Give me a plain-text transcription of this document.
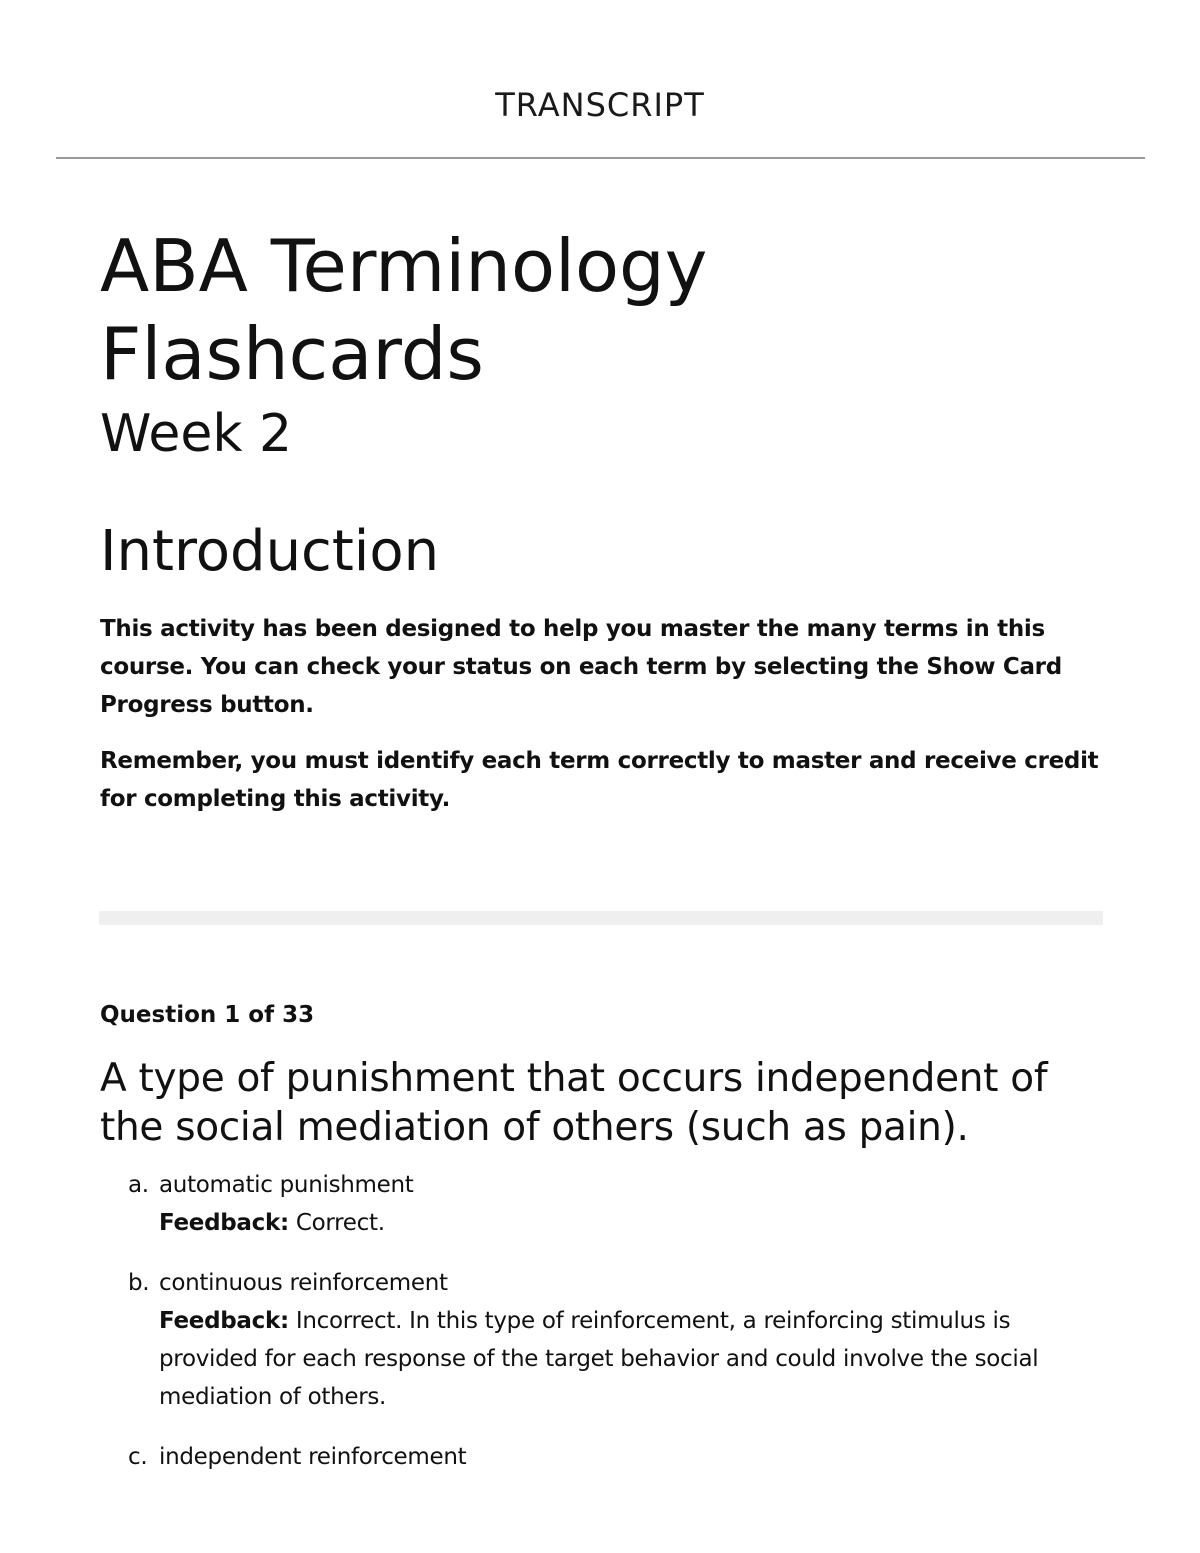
TRANSCRIPT
ABA Terminology
Flashcards
Week 2
Introduction

This activity has been designed to help you master the many terms in this course. You can check your status on each term by selecting the Show Card Progress button.

Remember, you must identify each term correctly to master and receive credit for completing this activity.

Question 1 of 33
A type of punishment that occurs independent of the social mediation of others (such as pain).
a. automatic punishment
Feedback: Correct.
b. continuous reinforcement
Feedback: Incorrect. In this type of reinforcement, a reinforcing stimulus is provided for each response of the target behavior and could involve the social mediation of others.
c. independent reinforcement
